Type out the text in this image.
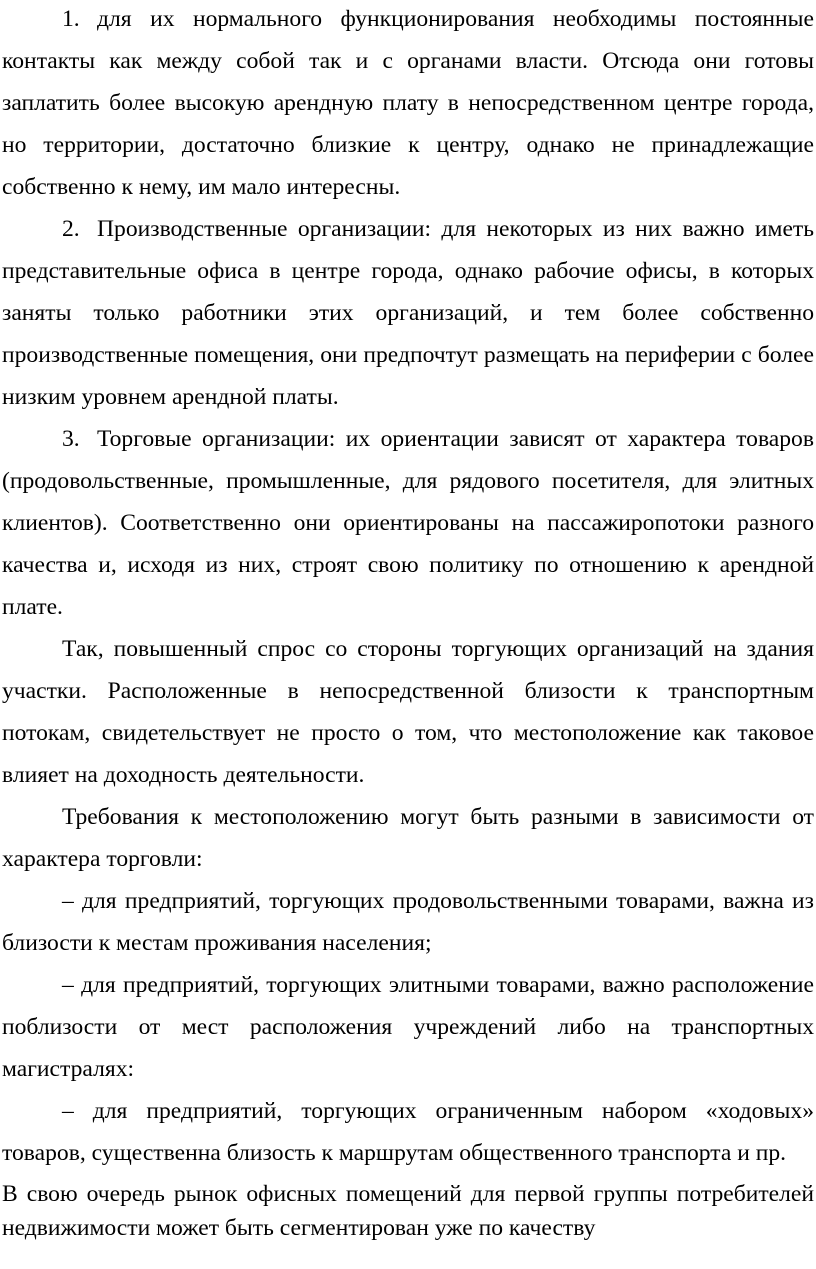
1. для их нормального функционирования необходимы постоянные контакты как между собой так и с органами власти. Отсюда они готовы заплатить более высокую арендную плату в непосредственном центре города, но территории, достаточно близкие к центру, однако не принадлежащие собственно к нему, им мало интересны.

2. Производственные организации: для некоторых из них важно иметь представительные офиса в центре города, однако рабочие офисы, в которых заняты только работники этих организаций, и тем более собственно производственные помещения, они предпочтут размещать на периферии с более низким уровнем арендной платы.

3. Торговые организации: их ориентации зависят от характера товаров (продовольственные, промышленные, для рядового посетителя, для элитных клиентов). Соответственно они ориентированы на пассажиропотоки разного качества и, исходя из них, строят свою политику по отношению к арендной плате.

Так, повышенный спрос со стороны торгующих организаций на здания участки. Расположенные в непосредственной близости к транспортным потокам, свидетельствует не просто о том, что местоположение как таковое влияет на доходность деятельности.

Требования к местоположению могут быть разными в зависимости от характера торговли:

– для предприятий, торгующих продовольственными товарами, важна из близости к местам проживания населения;

– для предприятий, торгующих элитными товарами, важно расположение поблизости от мест расположения учреждений либо на транспортных магистралях:

– для предприятий, торгующих ограниченным набором «ходовых» товаров, существенна близость к маршрутам общественного транспорта и пр.

В свою очередь рынок офисных помещений для первой группы потребителей недвижимости может быть сегментирован уже по качеству
